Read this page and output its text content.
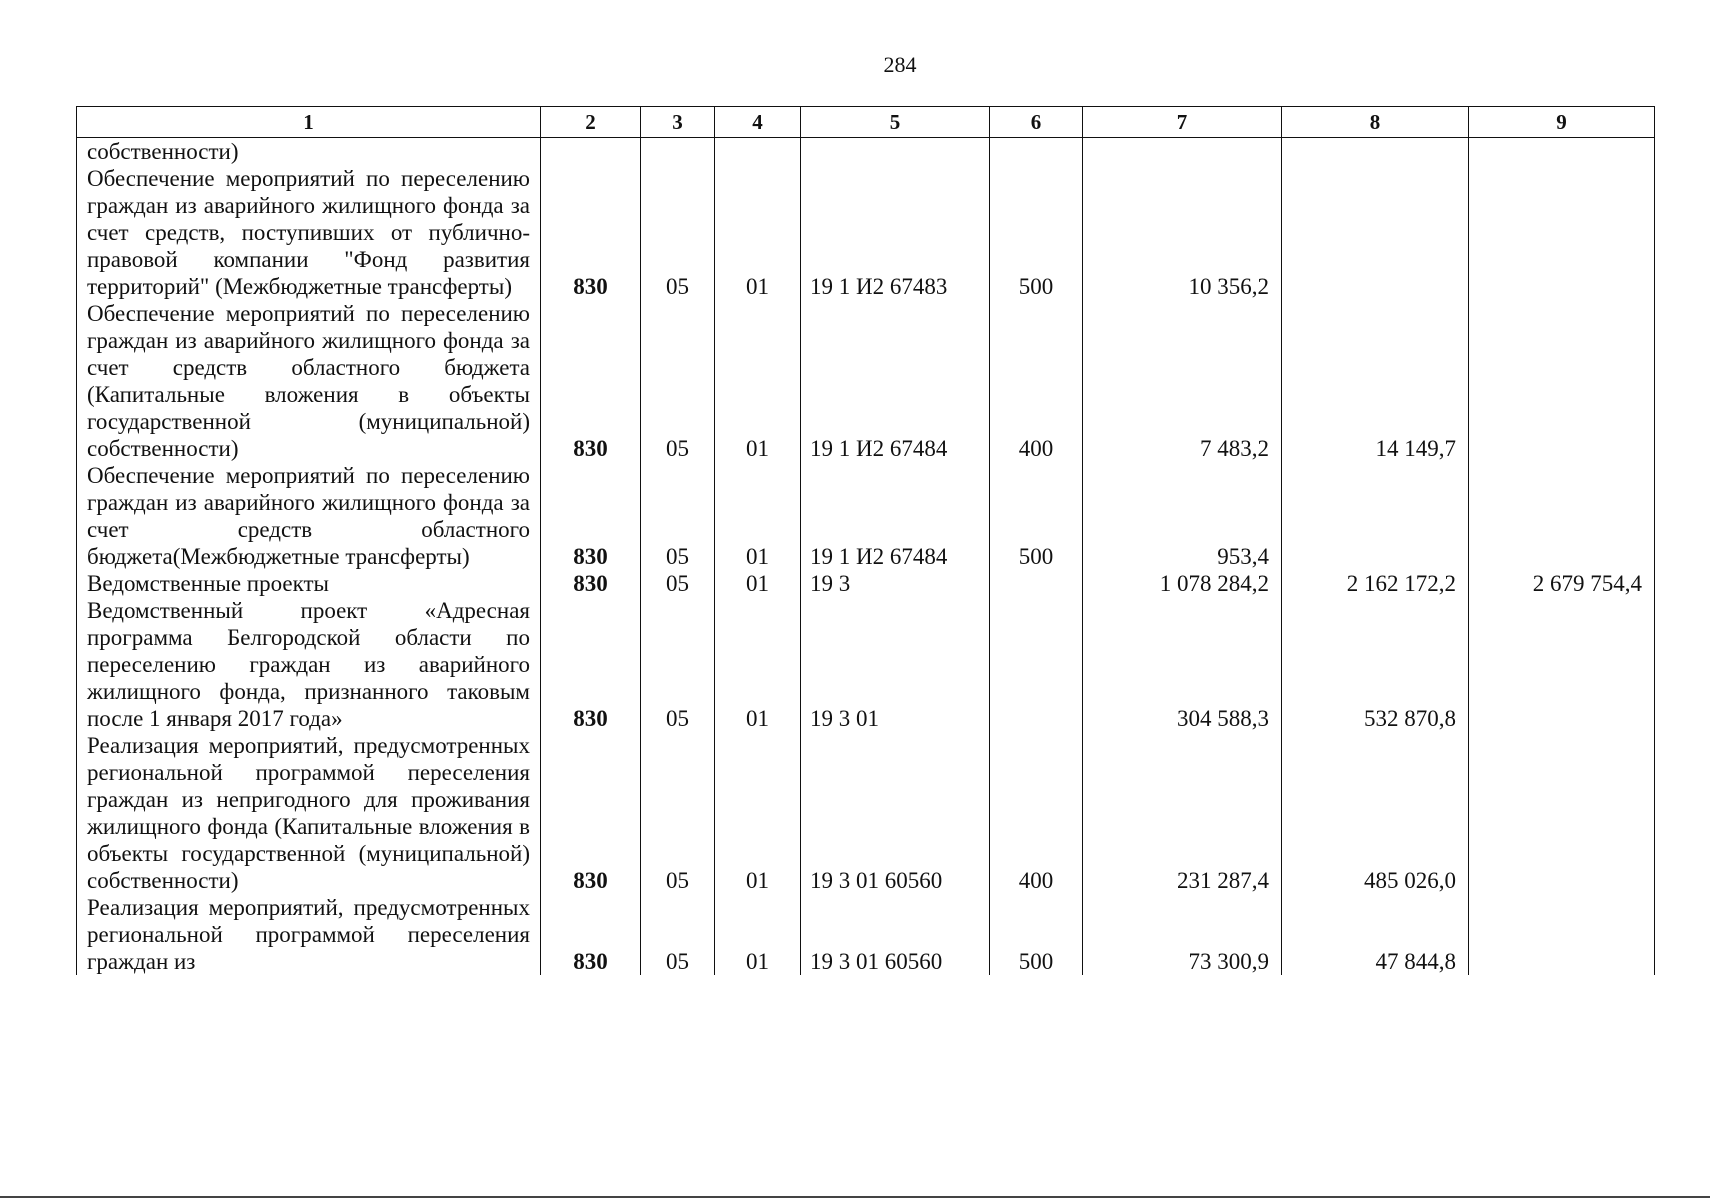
284
1	2	3	4	5	6	7	8	9
собственности)								
Обеспечение мероприятий по переселению граждан из аварийного жилищного фонда за счет средств, поступивших от публично-правовой компании "Фонд развития территорий" (Межбюджетные трансферты)	830	05	01	19 1 И2 67483	500	10 356,2		
Обеспечение мероприятий по переселению граждан из аварийного жилищного фонда за счет средств областного бюджета (Капитальные вложения в объекты государственной (муниципальной) собственности)	830	05	01	19 1 И2 67484	400	7 483,2	14 149,7	
Обеспечение мероприятий по переселению граждан из аварийного жилищного фонда за счет средств областного бюджета(Межбюджетные трансферты)	830	05	01	19 1 И2 67484	500	953,4		
Ведомственные проекты	830	05	01	19 3		1 078 284,2	2 162 172,2	2 679 754,4
Ведомственный проект «Адресная программа Белгородской области по переселению граждан из аварийного жилищного фонда, признанного таковым после 1 января 2017 года»	830	05	01	19 3 01		304 588,3	532 870,8	
Реализация мероприятий, предусмотренных региональной программой переселения граждан из непригодного для проживания жилищного фонда (Капитальные вложения в объекты государственной (муниципальной) собственности)	830	05	01	19 3 01 60560	400	231 287,4	485 026,0	
Реализация мероприятий, предусмотренных региональной программой переселения граждан из	830	05	01	19 3 01 60560	500	73 300,9	47 844,8	
